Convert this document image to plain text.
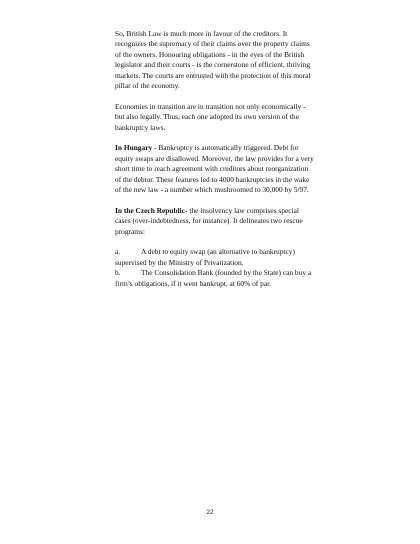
So, British Law is much more in favour of the creditors. It recognizes the supremacy of their claims over the property claims of the owners. Honouring obligations - in the eyes of the British legislator and their courts - is the cornerstone of efficient, thriving markets. The courts are entrusted with the protection of this moral pillar of the economy.

Economies in transition are in transition not only economically - but also legally. Thus, each one adopted its own version of the bankruptcy laws.

In Hungary - Bankruptcy is automatically triggered. Debt for equity swaps are disallowed. Moreover, the law provides for a very short time to reach agreement with creditors about reorganization of the debtor. These features led to 4000 bankruptcies in the wake of the new law - a number which mushroomed to 30,000 by 5/97.

In the Czech Republic- the insolvency law comprises special cases (over-indebtedness, for instance). It delineates two rescue programs:

a.	A debt to equity swap (an alternative to bankruptcy) supervised by the Ministry of Privatization.
b.	The Consolidation Bank (founded by the State) can buy a firm’s obligations, if it went bankrupt, at 60% of par.
22
